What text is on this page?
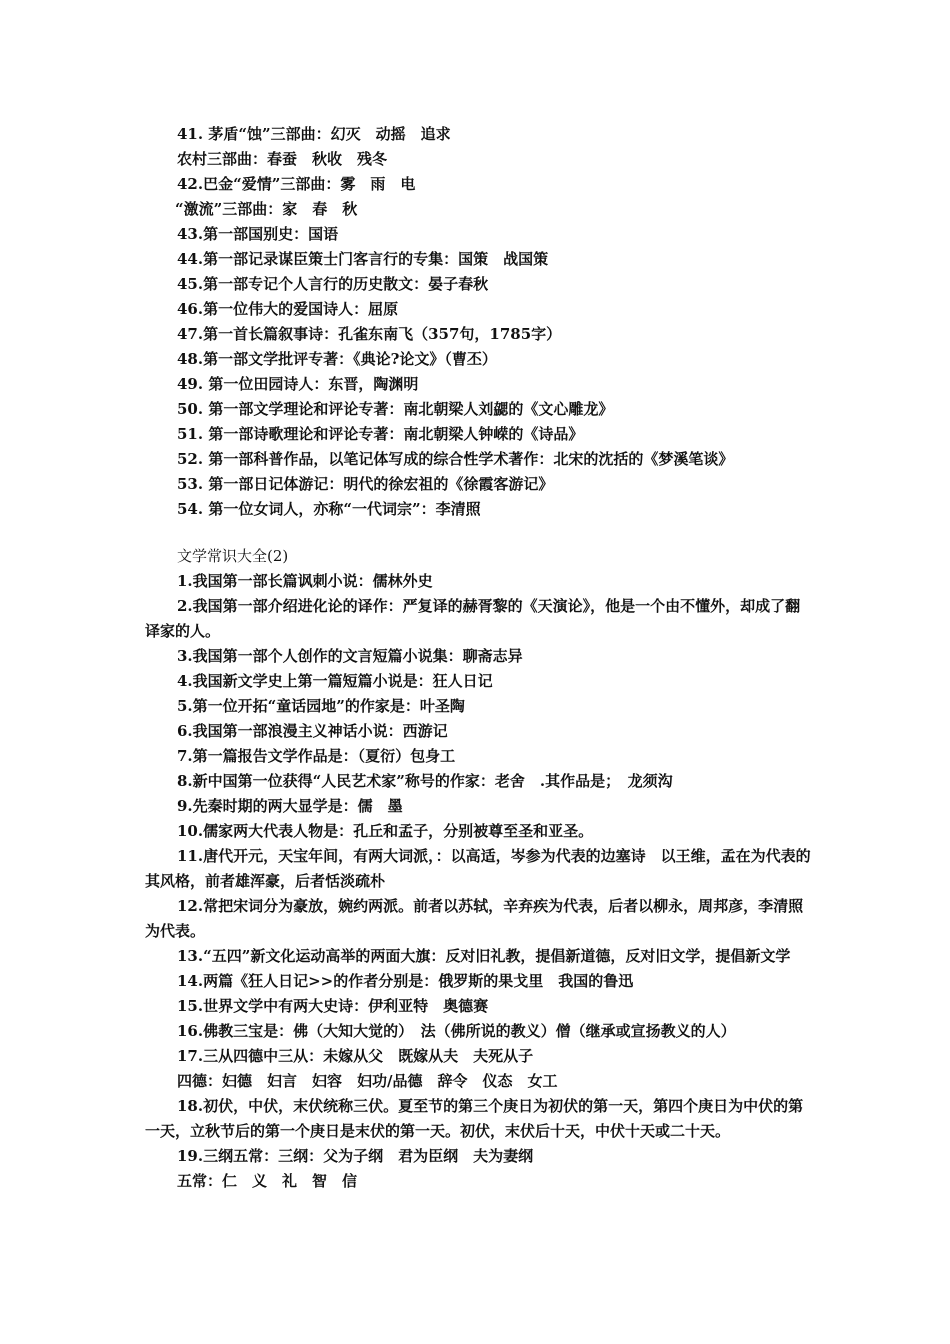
41. 茅盾“蚀”三部曲：幻灭　动摇　追求
农村三部曲：春蚕　秋收　残冬
42.巴金“爱情”三部曲：雾　雨　电
“激流”三部曲：家　春　秋
43.第一部国别史：国语
44.第一部记录谋臣策士门客言行的专集：国策　战国策
45.第一部专记个人言行的历史散文：晏子春秋
46.第一位伟大的爱国诗人：屈原
47.第一首长篇叙事诗：孔雀东南飞（357句，1785字）
48.第一部文学批评专著：《典论?论文》（曹丕）
49. 第一位田园诗人：东晋，陶渊明
50. 第一部文学理论和评论专著：南北朝梁人刘勰的《文心雕龙》
51. 第一部诗歌理论和评论专著：南北朝梁人钟嵘的《诗品》
52. 第一部科普作品，以笔记体写成的综合性学术著作：北宋的沈括的《梦溪笔谈》
53. 第一部日记体游记：明代的徐宏祖的《徐霞客游记》
54. 第一位女词人，亦称“一代词宗”：李清照
文学常识大全(2)
1.我国第一部长篇讽刺小说：儒林外史
2.我国第一部介绍进化论的译作：严复译的赫胥黎的《天演论》，他是一个由不懂外，却成了翻译家的人。
3.我国第一部个人创作的文言短篇小说集：聊斋志异
4.我国新文学史上第一篇短篇小说是：狂人日记
5.第一位开拓“童话园地”的作家是：叶圣陶
6.我国第一部浪漫主义神话小说：西游记
7.第一篇报告文学作品是：（夏衍）包身工
8.新中国第一位获得“人民艺术家”称号的作家：老舍　.其作品是；　龙须沟
9.先秦时期的两大显学是：儒　墨
10.儒家两大代表人物是：孔丘和孟子，分别被尊至圣和亚圣。
11.唐代开元，天宝年间，有两大词派，：以高适，岑参为代表的边塞诗　以王维，孟在为代表的其风格，前者雄浑豪，后者恬淡疏朴
12.常把宋词分为豪放，婉约两派。前者以苏轼，辛弃疾为代表，后者以柳永，周邦彦，李清照为代表。
13.“五四”新文化运动高举的两面大旗：反对旧礼教，提倡新道德，反对旧文学，提倡新文学
14.两篇《狂人日记>>的作者分别是：俄罗斯的果戈里　我国的鲁迅
15.世界文学中有两大史诗：伊利亚特　奥德赛
16.佛教三宝是：佛（大知大觉的）　法（佛所说的教义）僧（继承或宣扬教义的人）
17.三从四德中三从：未嫁从父　既嫁从夫　夫死从子
四德：妇德　妇言　妇容　妇功/品德　辞令　仪态　女工
18.初伏，中伏，末伏统称三伏。夏至节的第三个庚日为初伏的第一天，第四个庚日为中伏的第一天，立秋节后的第一个庚日是末伏的第一天。初伏，末伏后十天，中伏十天或二十天。
19.三纲五常：三纲：父为子纲　君为臣纲　夫为妻纲
五常：仁　义　礼　智　信
